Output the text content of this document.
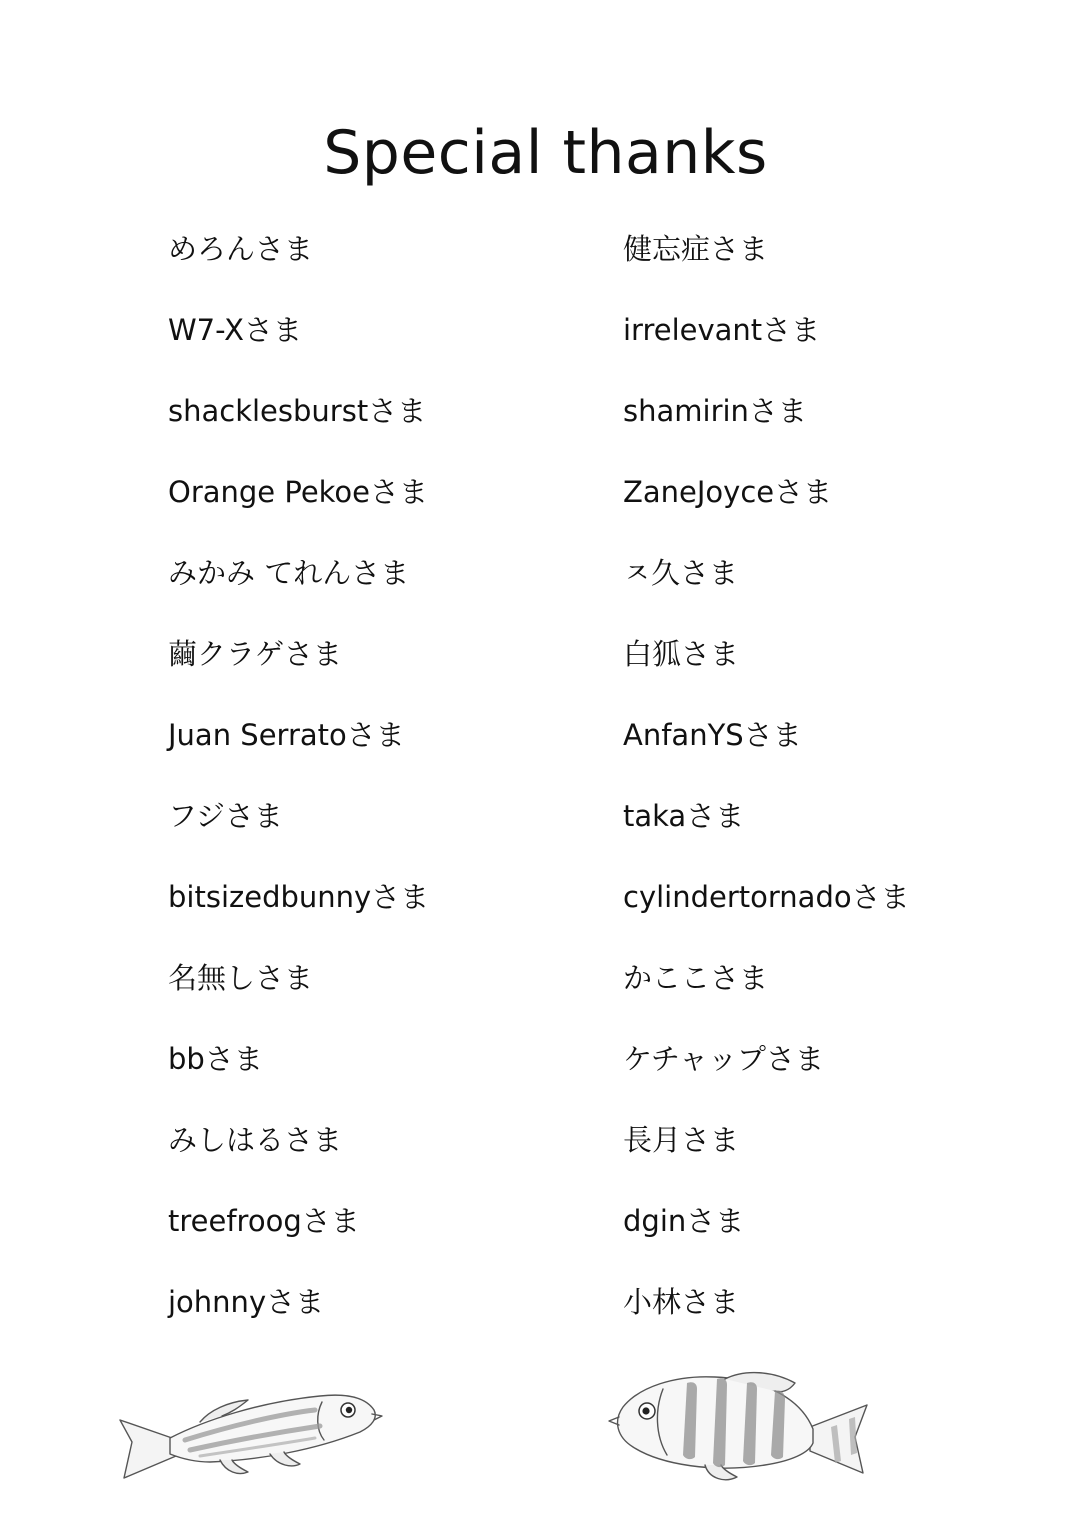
Special thanks
めろんさま
W7-Xさま
shacklesburstさま
Orange Pekoeさま
みかみ てれんさま
繭クラゲさま
Juan Serratoさま
フジさま
bitsizedbunnyさま
名無しさま
bbさま
みしはるさま
treefroogさま
johnnyさま
健忘症さま
irrelevantさま
shamirinさま
ZaneJoyceさま
ㅈ久さま
白狐さま
AnfanYSさま
takaさま
cylindertornadoさま
かここさま
ケチャップさま
長月さま
dginさま
小林さま
